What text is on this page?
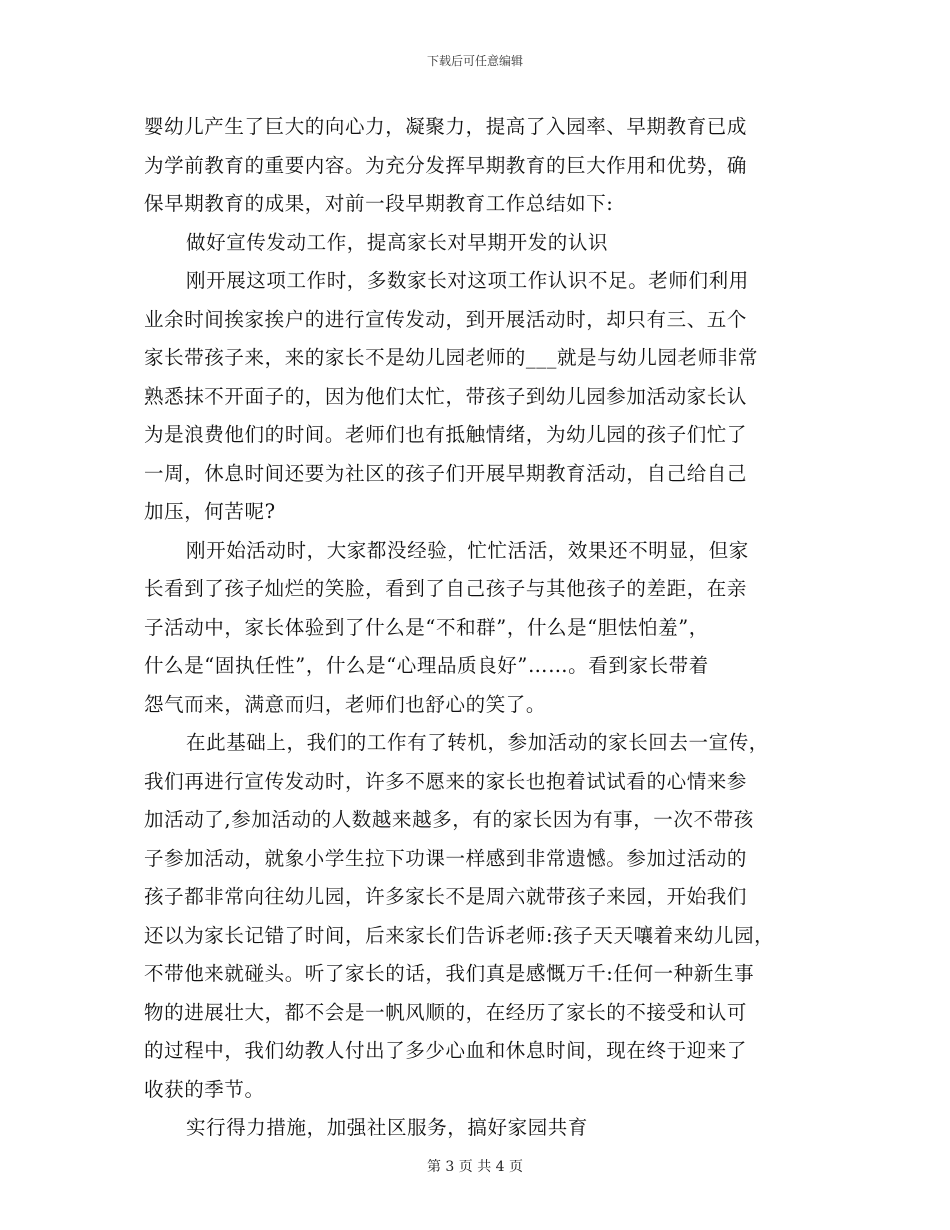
下载后可任意编辑
婴幼儿产生了巨大的向心力，凝聚力，提高了入园率、早期教育已成
为学前教育的重要内容。为充分发挥早期教育的巨大作用和优势，确
保早期教育的成果，对前一段早期教育工作总结如下:
做好宣传发动工作，提高家长对早期开发的认识
刚开展这项工作时，多数家长对这项工作认识不足。老师们利用
业余时间挨家挨户的进行宣传发动，到开展活动时，却只有三、五个
家长带孩子来，来的家长不是幼儿园老师的___就是与幼儿园老师非常
熟悉抹不开面子的，因为他们太忙，带孩子到幼儿园参加活动家长认
为是浪费他们的时间。老师们也有抵触情绪，为幼儿园的孩子们忙了
一周，休息时间还要为社区的孩子们开展早期教育活动，自己给自己
加压，何苦呢?
刚开始活动时，大家都没经验，忙忙活活，效果还不明显，但家
长看到了孩子灿烂的笑脸，看到了自己孩子与其他孩子的差距，在亲
子活动中，家长体验到了什么是“不和群”，什么是“胆怯怕羞”，
什么是“固执任性”，什么是“心理品质良好”……。看到家长带着
怨气而来，满意而归，老师们也舒心的笑了。
在此基础上，我们的工作有了转机，参加活动的家长回去一宣传，
我们再进行宣传发动时，许多不愿来的家长也抱着试试看的心情来参
加活动了,参加活动的人数越来越多，有的家长因为有事，一次不带孩
子参加活动，就象小学生拉下功课一样感到非常遗憾。参加过活动的
孩子都非常向往幼儿园，许多家长不是周六就带孩子来园，开始我们
还以为家长记错了时间，后来家长们告诉老师:孩子天天嚷着来幼儿园，
不带他来就碰头。听了家长的话，我们真是感慨万千:任何一种新生事
物的进展壮大，都不会是一帆风顺的，在经历了家长的不接受和认可
的过程中，我们幼教人付出了多少心血和休息时间，现在终于迎来了
收获的季节。
实行得力措施，加强社区服务，搞好家园共育
第 3 页 共 4 页
